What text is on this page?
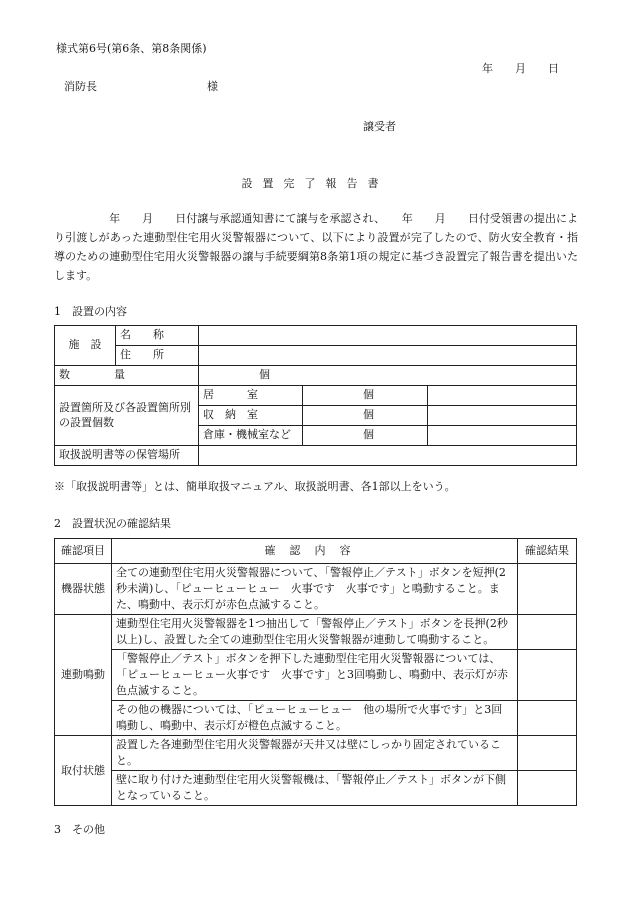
様式第6号(第6条、第8条関係)
年　　月　　日
消防長　　　　　　　　　　様
譲受者
設置完了報告書
　　　　　年　　月　　日付譲与承認通知書にて譲与を承認され、　　年　　月　　日付受領書の提出により引渡しがあった連動型住宅用火災警報器について、以下により設置が完了したので、防火安全教育・指導のための連動型住宅用火災警報器の譲与手続要綱第8条第1項の規定に基づき設置完了報告書を提出いたします。
1　設置の内容
施　設	名　　称			
	住　　所			
数　　　　量		個		
設置箇所及び各設置箇所別の設置個数		居　　　室	個	
		収　納　室	個	
		倉庫・機械室など	個	
取扱説明書等の保管場所				
※「取扱説明書等」とは、簡単取扱マニュアル、取扱説明書、各1部以上をいう。
2　設置状況の確認結果
確認項目	確認内容	確認結果
機器状態	全ての連動型住宅用火災警報器について、「警報停止／テスト」ボタンを短押(2秒未満)し、「ピューヒューヒュー　火事です　火事です」と鳴動すること。また、鳴動中、表示灯が赤色点滅すること。	
連動鳴動	連動型住宅用火災警報器を1つ抽出して「警報停止／テスト」ボタンを長押(2秒以上)し、設置した全ての連動型住宅用火災警報器が連動して鳴動すること。	
	「警報停止／テスト」ボタンを押下した連動型住宅用火災警報器については、「ピューヒューヒュー火事です　火事です」と3回鳴動し、鳴動中、表示灯が赤色点滅すること。	
	その他の機器については、「ピューヒューヒュー　他の場所で火事です」と3回鳴動し、鳴動中、表示灯が橙色点滅すること。	
取付状態	設置した各連動型住宅用火災警報器が天井又は壁にしっかり固定されていること。	
	壁に取り付けた連動型住宅用火災警報機は、「警報停止／テスト」ボタンが下側となっていること。	
3　その他
